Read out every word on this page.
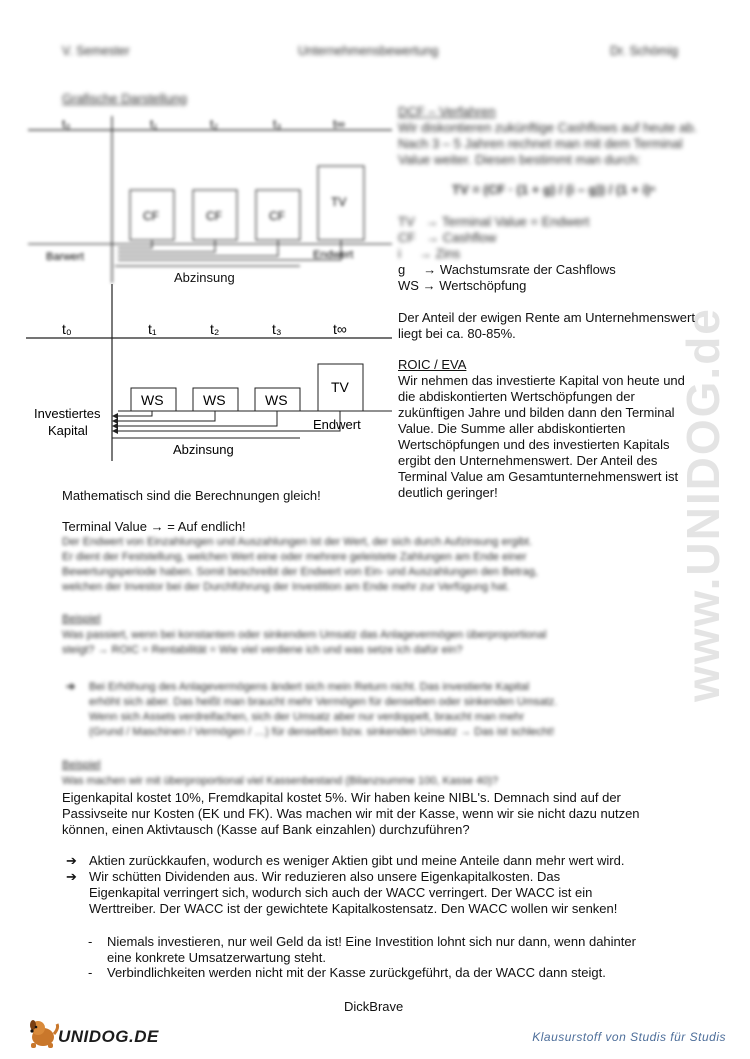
www.UNIDOG.de
V. Semester	Unternehmensbewertung	Dr. Schömig
Grafische Darstellung
t₀	t₁	t₂	t₃	t∞
CF	CF	CF
TV
Barwert	Endwert
Abzinsung
t₀	t₁	t₂	t₃	t∞
WS	WS	WS
TV
Investiertes
Kapital	Endwert
Abzinsung
DCF – Verfahren
Wir diskontieren zukünftige Cashflows auf heute ab.
Nach 3 – 5 Jahren rechnet man mit dem Terminal
Value weiter. Diesen bestimmt man durch:
TV = (CF · (1 + g) / (i – g)) / (1 + i)ⁿ
TV   → Terminal Value = Endwert
CF   → Cashflow
i     → Zins
g     → Wachstumsrate der Cashflows
WS → Wertschöpfung
Der Anteil der ewigen Rente am Unternehmenswert
liegt bei ca. 80-85%.
ROIC / EVA
Wir nehmen das investierte Kapital von heute und
die abdiskontierten Wertschöpfungen der
zukünftigen Jahre und bilden dann den Terminal
Value. Die Summe aller abdiskontierten
Wertschöpfungen und des investierten Kapitals
ergibt den Unternehmenswert. Der Anteil des
Terminal Value am Gesamtunternehmenswert ist
deutlich geringer!
Mathematisch sind die Berechnungen gleich!
Terminal Value → = Auf endlich!
Der Endwert von Einzahlungen und Auszahlungen ist der Wert, der sich durch Aufzinsung ergibt.
Er dient der Feststellung, welchen Wert eine oder mehrere geleistete Zahlungen am Ende einer
Bewertungsperiode haben. Somit beschreibt der Endwert von Ein- und Auszahlungen den Betrag,
welchen der Investor bei der Durchführung der Investition am Ende mehr zur Verfügung hat.
Beispiel
Was passiert, wenn bei konstantem oder sinkendem Umsatz das Anlagevermögen überproportional
steigt? → ROIC = Rentabilität = Wie viel verdiene ich und was setze ich dafür ein?
➔ Bei Erhöhung des Anlagevermögens ändert sich mein Return nicht. Das investierte Kapital
erhöht sich aber. Das heißt man braucht mehr Vermögen für denselben oder sinkenden Umsatz.
Wenn sich Assets verdreifachen, sich der Umsatz aber nur verdoppelt, braucht man mehr
(Grund / Maschinen / Vermögen / …) für denselben bzw. sinkenden Umsatz → Das ist schlecht!
Beispiel
Was machen wir mit überproportional viel Kassenbestand (Bilanzsumme 100, Kasse 40)?
Eigenkapital kostet 10%, Fremdkapital kostet 5%. Wir haben keine NIBL's. Demnach sind auf der
Passivseite nur Kosten (EK und FK). Was machen wir mit der Kasse, wenn wir sie nicht dazu nutzen
können, einen Aktivtausch (Kasse auf Bank einzahlen) durchzuführen?
➔ Aktien zurückkaufen, wodurch es weniger Aktien gibt und meine Anteile dann mehr wert wird.
➔ Wir schütten Dividenden aus. Wir reduzieren also unsere Eigenkapitalkosten. Das
Eigenkapital verringert sich, wodurch sich auch der WACC verringert. Der WACC ist ein
Werttreiber. Der WACC ist der gewichtete Kapitalkostensatz. Den WACC wollen wir senken!
- Niemals investieren, nur weil Geld da ist! Eine Investition lohnt sich nur dann, wenn dahinter
eine konkrete Umsatzerwartung steht.
- Verbindlichkeiten werden nicht mit der Kasse zurückgeführt, da der WACC dann steigt.
DickBrave
UNIDOG.DE	Klausurstoff von Studis für Studis
